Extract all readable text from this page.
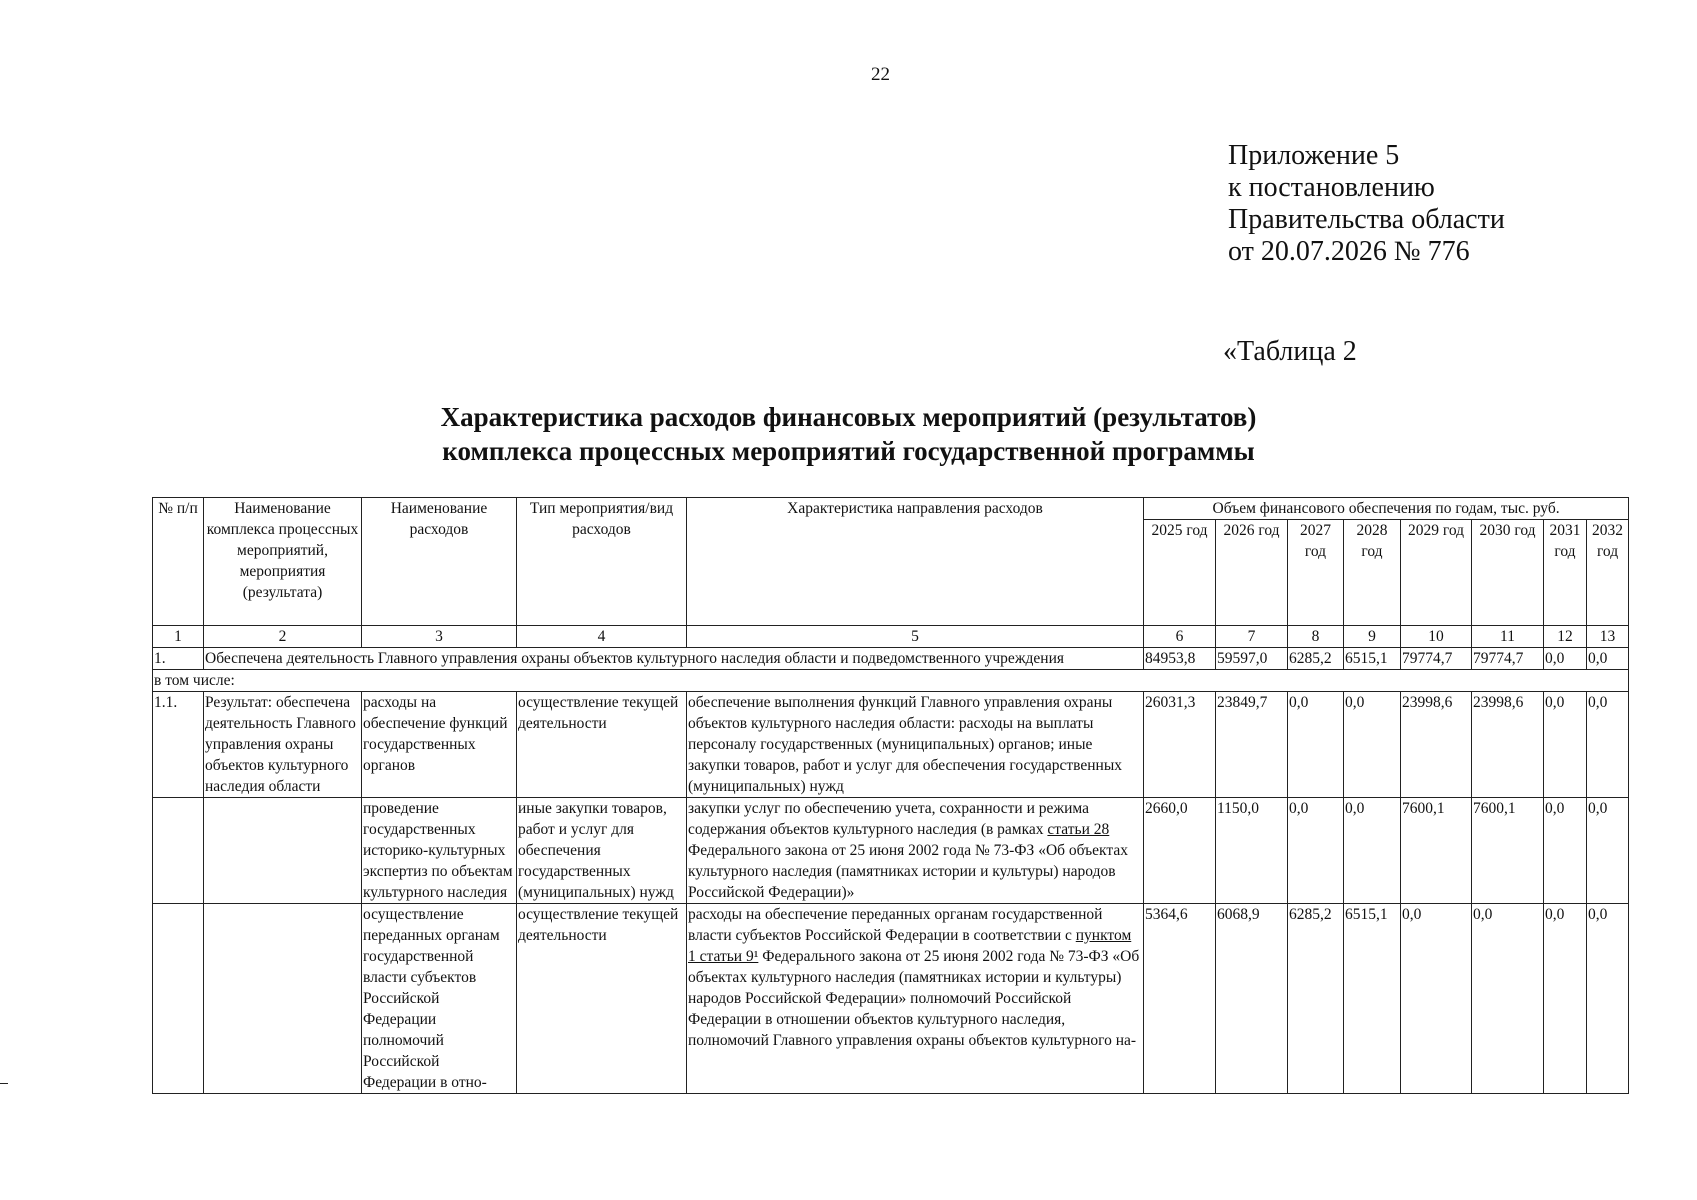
22
Приложение 5
к постановлению
Правительства области
от 20.07.2026 № 776
«Таблица 2
Характеристика расходов финансовых мероприятий (результатов)
комплекса процессных мероприятий государственной программы
№ п/п	Наименование комплекса процессных мероприятий, мероприятия (результата)	Наименование расходов	Тип мероприятия/вид расходов	Характеристика направления расходов	Объем финансового обеспечения по годам, тыс. руб.							
					2025 год	2026 год	2027 год	2028 год	2029 год	2030 год	2031 год	2032 год
1	2	3	4	5	6	7	8	9	10	11	12	13
1.	Обеспечена деятельность Главного управления охраны объектов культурного наследия области и подведомственного учреждения				84953,8	59597,0	6285,2	6515,1	79774,7	79774,7	0,0	0,0
в том числе:												
1.1.	Результат: обеспечена деятельность Главного управления охраны объектов культурного наследия области	расходы на обеспечение функций государственных органов	осуществление текущей деятельности	обеспечение выполнения функций Главного управления охраны объектов культурного наследия области: расходы на выплаты персоналу государственных (муниципальных) органов; иные закупки товаров, работ и услуг для обеспечения государственных (муниципальных) нужд	26031,3	23849,7	0,0	0,0	23998,6	23998,6	0,0	0,0
		проведение государственных историко-культурных экспертиз по объектам культурного наследия	иные закупки товаров, работ и услуг для обеспечения государственных (муниципальных) нужд	закупки услуг по обеспечению учета, сохранности и режима содержания объектов культурного наследия (в рамках статьи 28 Федерального закона от 25 июня 2002 года № 73-ФЗ «Об объектах культурного наследия (памятниках истории и культуры) народов Российской Федерации)»	2660,0	1150,0	0,0	0,0	7600,1	7600,1	0,0	0,0
		осуществление переданных органам государственной власти субъектов Российской Федерации полномочий Российской Федерации в отно-	осуществление текущей деятельности	расходы на обеспечение переданных органам государственной власти субъектов Российской Федерации в соответствии с пунктом 1 статьи 9¹ Федерального закона от 25 июня 2002 года № 73-ФЗ «Об объектах культурного наследия (памятниках истории и культуры) народов Российской Федерации» полномочий Российской Федерации в отношении объектов культурного наследия, полномочий Главного управления охраны объектов культурного на-	5364,6	6068,9	6285,2	6515,1	0,0	0,0	0,0	0,0
